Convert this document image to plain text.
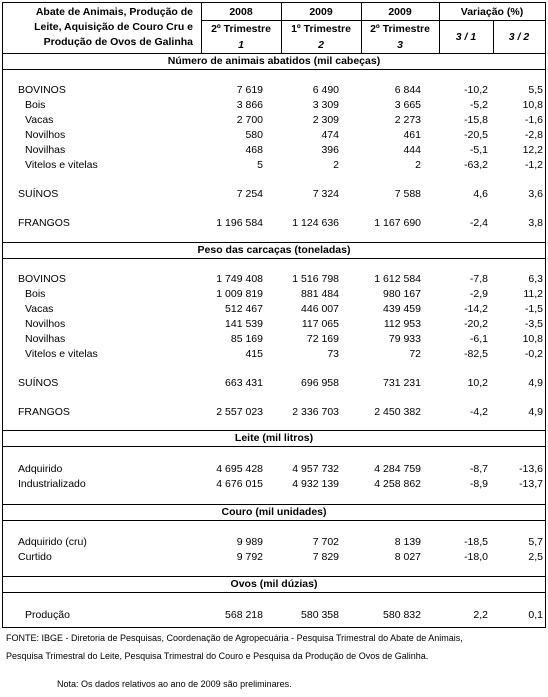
Abate de Animais, Produção de
Leite, Aquisição de Couro Cru e
Produção de Ovos de Galinha
2008
2º Trimestre
1
2009
1º Trimestre
2
2009
2º Trimestre
3
Variação (%)
3 / 1	3 / 2
Número de animais abatidos (mil cabeças)
BOVINOS	7 619	6 490	6 844	-10,2	5,5
Bois	3 866	3 309	3 665	-5,2	10,8
Vacas	2 700	2 309	2 273	-15,8	-1,6
Novilhos	580	474	461	-20,5	-2,8
Novilhas	468	396	444	-5,1	12,2
Vitelos e vitelas	5	2	2	-63,2	-1,2
SUÍNOS	7 254	7 324	7 588	4,6	3,6
FRANGOS	1 196 584	1 124 636	1 167 690	-2,4	3,8
Peso das carcaças (toneladas)
BOVINOS	1 749 408	1 516 798	1 612 584	-7,8	6,3
Bois	1 009 819	881 484	980 167	-2,9	11,2
Vacas	512 467	446 007	439 459	-14,2	-1,5
Novilhos	141 539	117 065	112 953	-20,2	-3,5
Novilhas	85 169	72 169	79 933	-6,1	10,8
Vitelos e vitelas	415	73	72	-82,5	-0,2
SUÍNOS	663 431	696 958	731 231	10,2	4,9
FRANGOS	2 557 023	2 336 703	2 450 382	-4,2	4,9
Leite (mil litros)
Adquirido	4 695 428	4 957 732	4 284 759	-8,7	-13,6
Industrializado	4 676 015	4 932 139	4 258 862	-8,9	-13,7
Couro (mil unidades)
Adquirido (cru)	9 989	7 702	8 139	-18,5	5,7
Curtido	9 792	7 829	8 027	-18,0	2,5
Ovos (mil dúzias)
Produção	568 218	580 358	580 832	2,2	0,1
FONTE: IBGE - Diretoria de Pesquisas, Coordenação de Agropecuária - Pesquisa Trimestral do Abate de Animais,
Pesquisa Trimestral do Leite, Pesquisa Trimestral do Couro e Pesquisa da Produção de Ovos de Galinha.
Nota: Os dados relativos ao ano de 2009 são preliminares.
